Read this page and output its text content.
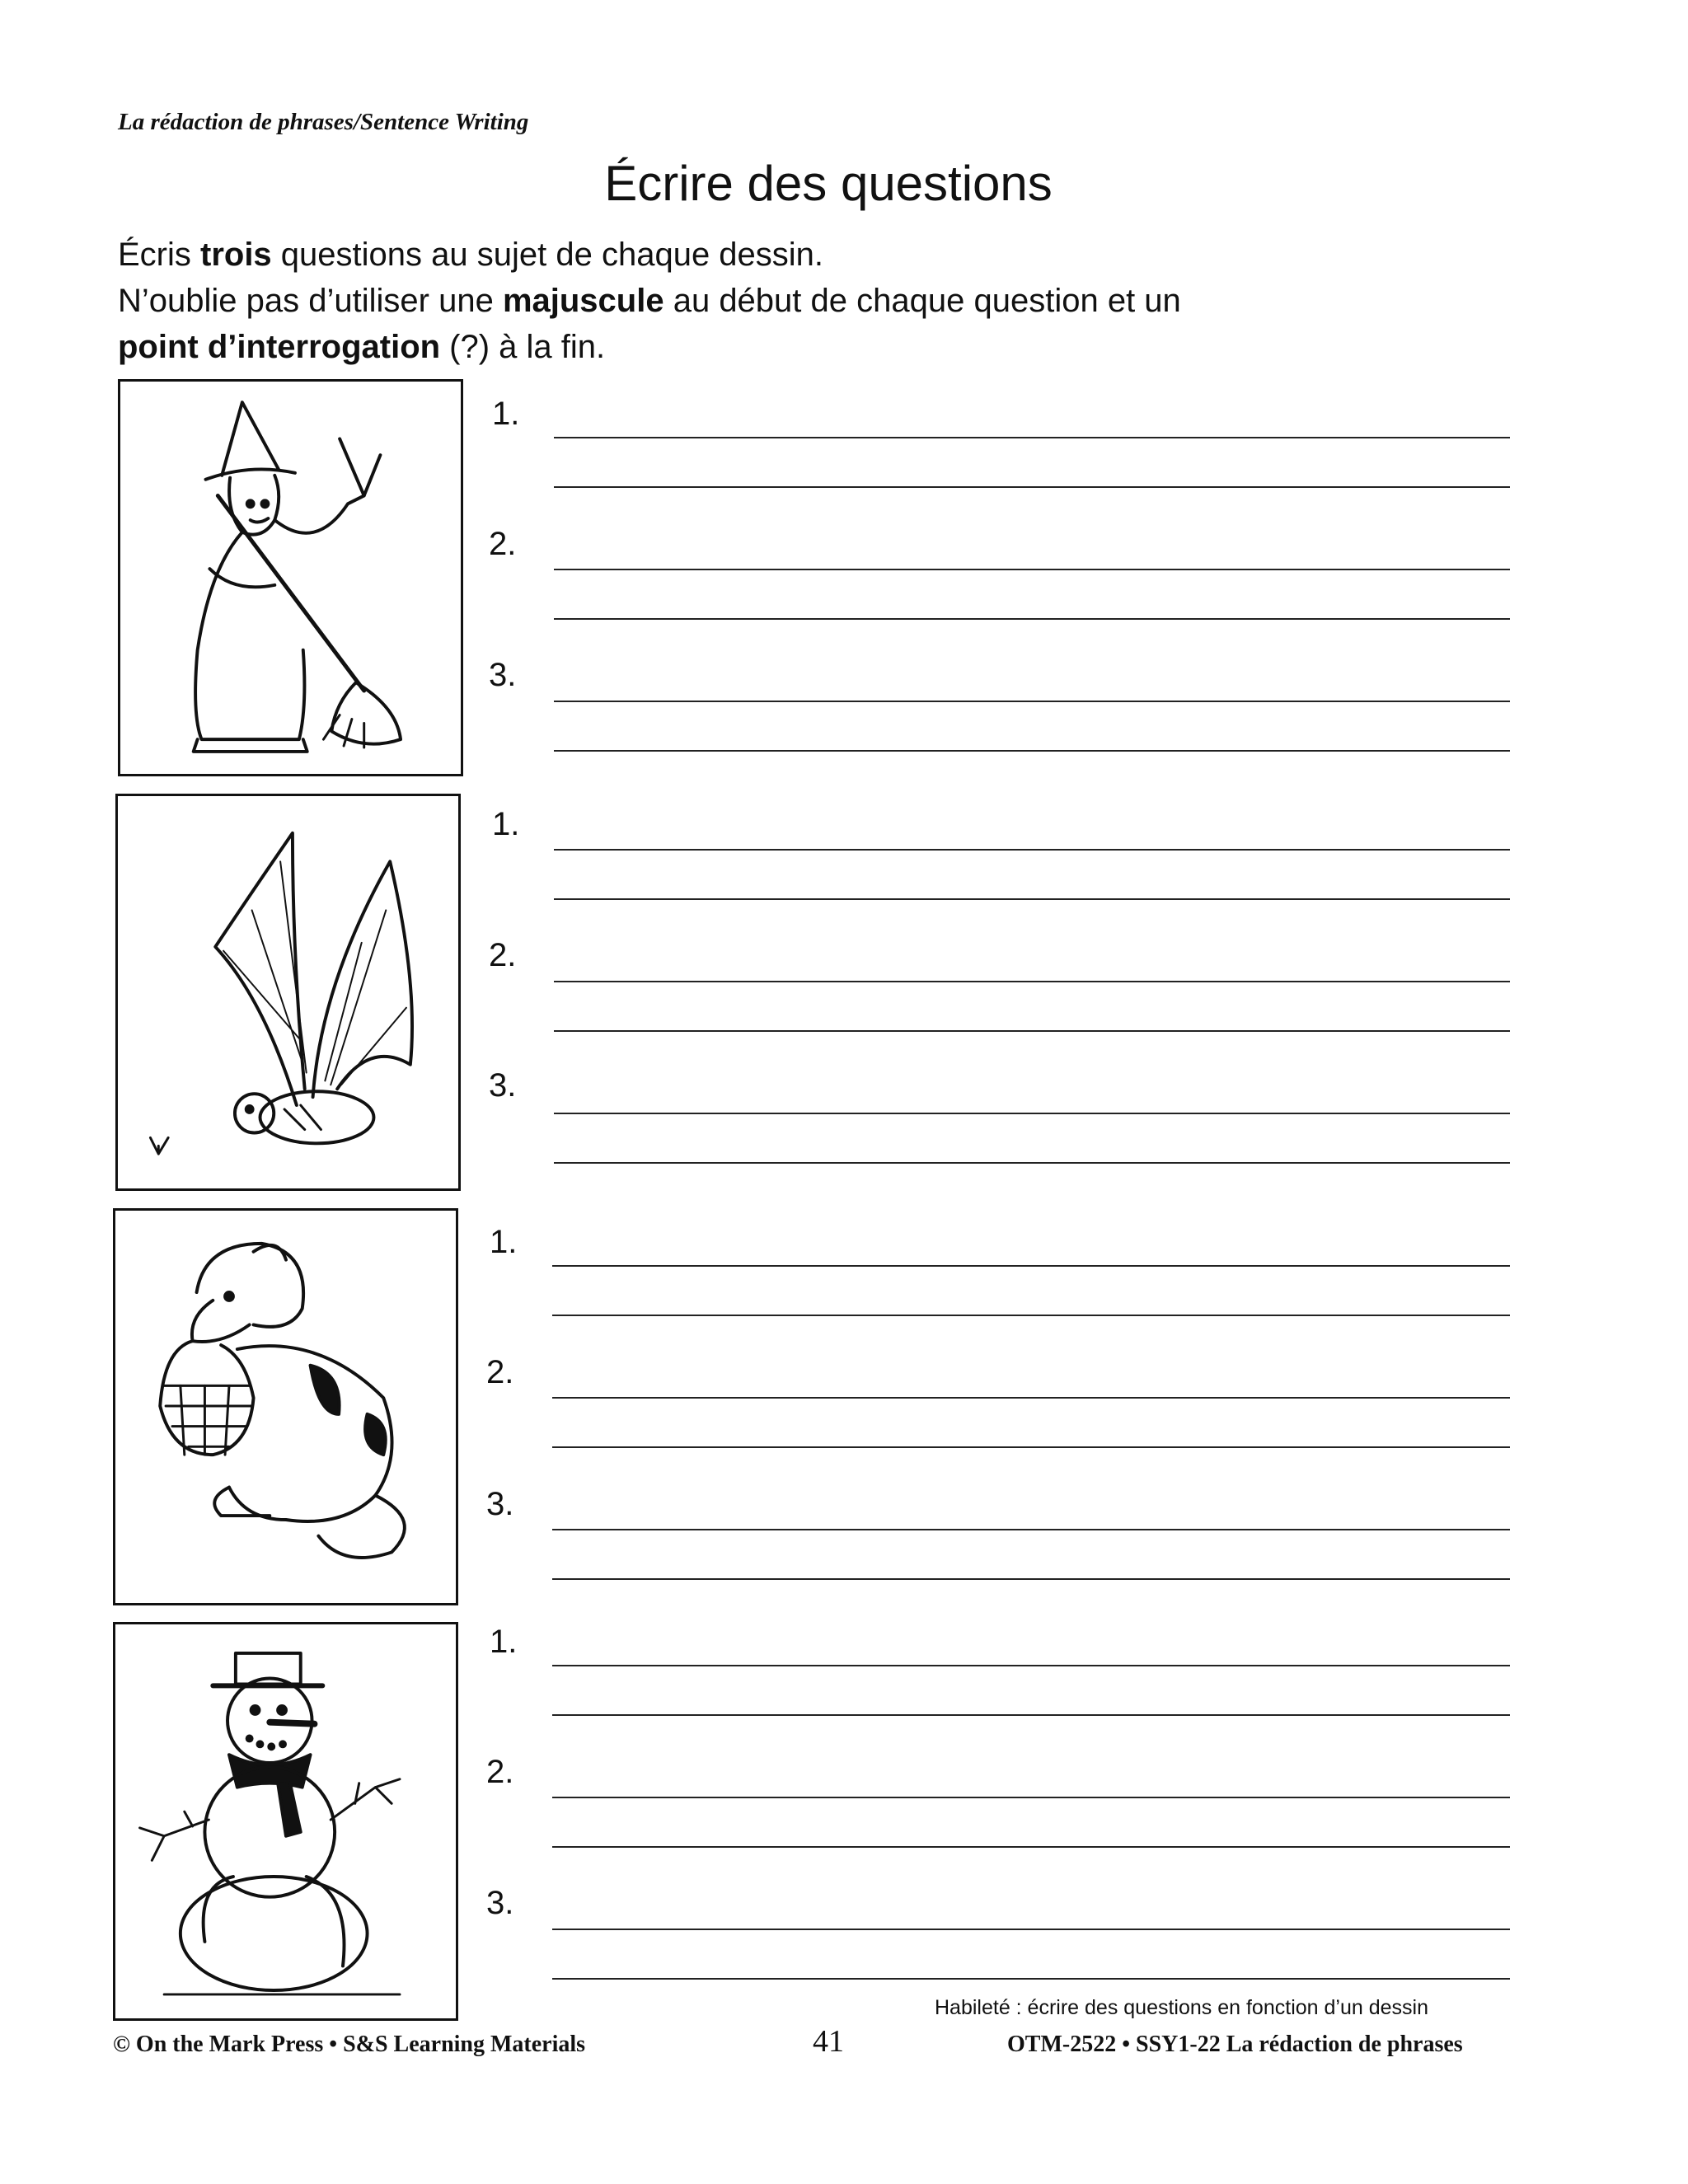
La rédaction de phrases/Sentence Writing
Écrire des questions
Écris trois questions au sujet de chaque dessin.
N’oublie pas d’utiliser une majuscule au début de chaque question et un
point d’interrogation (?) à la fin.
1.
2.
3.
1.
2.
3.
1.
2.
3.
1.
2.
3.
Habileté : écrire des questions en fonction d’un dessin
© On the Mark Press • S&S Learning Materials	41	OTM-2522 • SSY1-22 La rédaction de phrases
